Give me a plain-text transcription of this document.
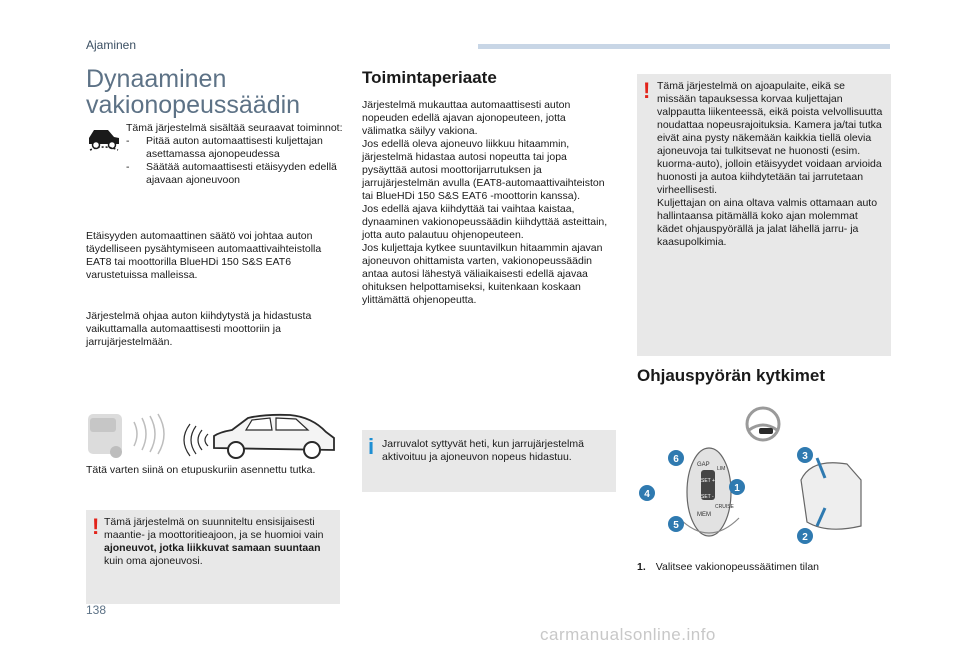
Ajaminen
Dynaaminen
vakionopeussäädin

Tämä järjestelmä sisältää seuraavat toiminnot:

- Pitää auton automaattisesti kuljettajan asettamassa ajonopeudessa
- Säätää automaattisesti etäisyyden edellä ajavaan ajoneuvoon

Etäisyyden automaattinen säätö voi johtaa auton täydelliseen pysähtymiseen automaattivaihteistolla EAT8 tai moottorilla BlueHDi 150 S&S EAT6 varustetuissa malleissa.

Järjestelmä ohjaa auton kiihdytystä ja hidastusta vaikuttamalla automaattisesti moottoriin ja jarrujärjestelmään.

Tätä varten siinä on etupuskuriin asennettu tutka.

! Tämä järjestelmä on suunniteltu ensisijaisesti maantie- ja moottoritieajoon, ja se huomioi vain ajoneuvot, jotka liikkuvat samaan suuntaan kuin oma ajoneuvosi.
Toimintaperiaate

Järjestelmä mukauttaa automaattisesti auton nopeuden edellä ajavan ajonopeuteen, jotta välimatka säilyy vakiona.

Jos edellä oleva ajoneuvo liikkuu hitaammin, järjestelmä hidastaa autosi nopeutta tai jopa pysäyttää autosi moottorijarrutuksen ja jarrujärjestelmän avulla (EAT8-automaattivaihteiston tai BlueHDi 150 S&S EAT6 -moottorin kanssa).

Jos edellä ajava kiihdyttää tai vaihtaa kaistaa, dynaaminen vakionopeussäädin kiihdyttää asteittain, jotta auto palautuu ohjenopeuteen.

Jos kuljettaja kytkee suuntavilkun hitaammin ajavan ajoneuvon ohittamista varten, vakionopeussäädin antaa autosi lähestyä väliaikaisesti edellä ajavaa ohituksen helpottamiseksi, kuitenkaan koskaan ylittämättä ohjenopeutta.

i Jarruvalot syttyvät heti, kun jarrujärjestelmä aktivoituu ja ajoneuvon nopeus hidastuu.
! Tämä järjestelmä on ajoapulaite, eikä se missään tapauksessa korvaa kuljettajan valppautta liikenteessä, eikä poista velvollisuutta noudattaa nopeusrajoituksia. Kamera ja/tai tutka eivät aina pysty näkemään kaikkia tiellä olevia ajoneuvoja tai tulkitsevat ne huonosti (esim. kuorma-auto), jolloin etäisyydet voidaan arvioida huonosti ja autoa kiihdytetään tai jarrutetaan virheellisesti.
Kuljettajan on aina oltava valmis ottamaan auto hallintaansa pitämällä koko ajan molemmat kädet ohjauspyörällä ja jalat lähellä jarru- ja kaasupolkimia.
Ohjauspyörän kytkimet
GAP
SET +
SET -
MEM
CRUISE
LIM
6
4
5
1
3
2
1. Valitsee vakionopeussäätimen tilan
138
carmanualsonline.info
